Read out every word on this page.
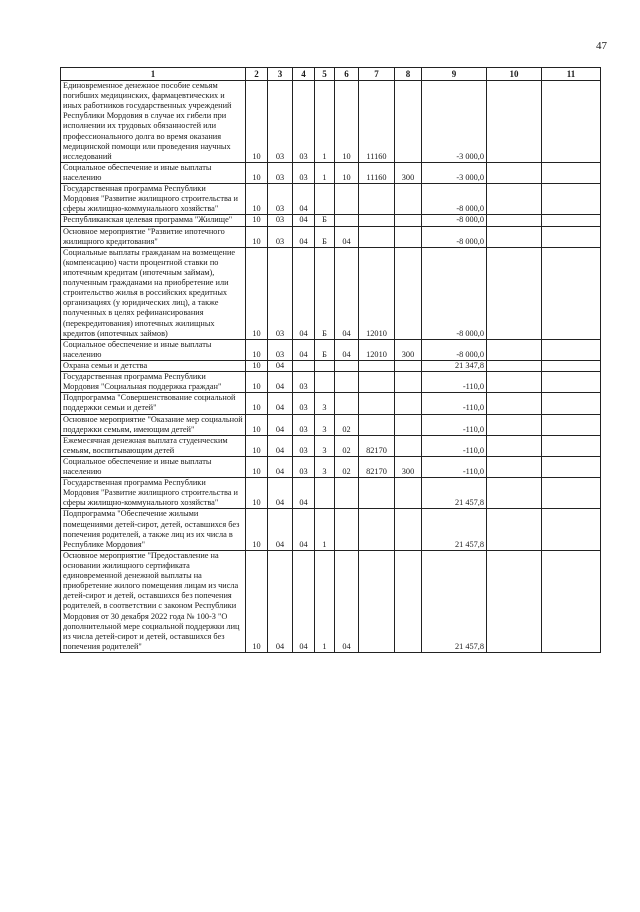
47
1	2	3	4	5	6	7	8	9	10	11
Единовременное денежное пособие семьям погибших медицинских, фармацевтических и иных работников государственных учреждений Республики Мордовия в случае их гибели при исполнении их трудовых обязанностей или профессионального долга во время оказания медицинской помощи или проведения научных исследований	10	03	03	1	10	11160		-3 000,0		
Социальное обеспечение и иные выплаты населению	10	03	03	1	10	11160	300	-3 000,0		
Государственная программа Республики Мордовия "Развитие жилищного строительства и сферы жилищно-коммунального хозяйства"	10	03	04					-8 000,0		
Республиканская целевая программа "Жилище"	10	03	04	Б				-8 000,0		
Основное мероприятие "Развитие ипотечного жилищного кредитования"	10	03	04	Б	04			-8 000,0		
Социальные выплаты гражданам на возмещение (компенсацию) части процентной ставки по ипотечным кредитам (ипотечным займам), полученным гражданами на приобретение или строительство жилья в российских кредитных организациях (у юридических лиц), а также полученных в целях рефинансирования (перекредитования) ипотечных жилищных кредитов (ипотечных займов)	10	03	04	Б	04	12010		-8 000,0		
Социальное обеспечение и иные выплаты населению	10	03	04	Б	04	12010	300	-8 000,0		
Охрана семьи и детства	10	04						21 347,8		
Государственная программа Республики Мордовия "Социальная поддержка граждан"	10	04	03					-110,0		
Подпрограмма "Совершенствование социальной поддержки семьи и детей"	10	04	03	3				-110,0		
Основное мероприятие "Оказание мер социальной поддержки семьям, имеющим детей"	10	04	03	3	02			-110,0		
Ежемесячная денежная выплата студенческим семьям, воспитывающим детей	10	04	03	3	02	82170		-110,0		
Социальное обеспечение и иные выплаты населению	10	04	03	3	02	82170	300	-110,0		
Государственная программа Республики Мордовия "Развитие жилищного строительства и сферы жилищно-коммунального хозяйства"	10	04	04					21 457,8		
Подпрограмма "Обеспечение жилыми помещениями детей-сирот, детей, оставшихся без попечения родителей, а также лиц из их числа в Республике Мордовия"	10	04	04	1				21 457,8		
Основное мероприятие "Предоставление на основании жилищного сертификата единовременной денежной выплаты на приобретение жилого помещения лицам из числа детей-сирот и детей, оставшихся без попечения родителей, в соответствии с законом Республики Мордовия от 30 декабря 2022 года № 100-З "О дополнительной мере социальной поддержки лиц из числа детей-сирот и детей, оставшихся без попечения родителей"	10	04	04	1	04			21 457,8		
